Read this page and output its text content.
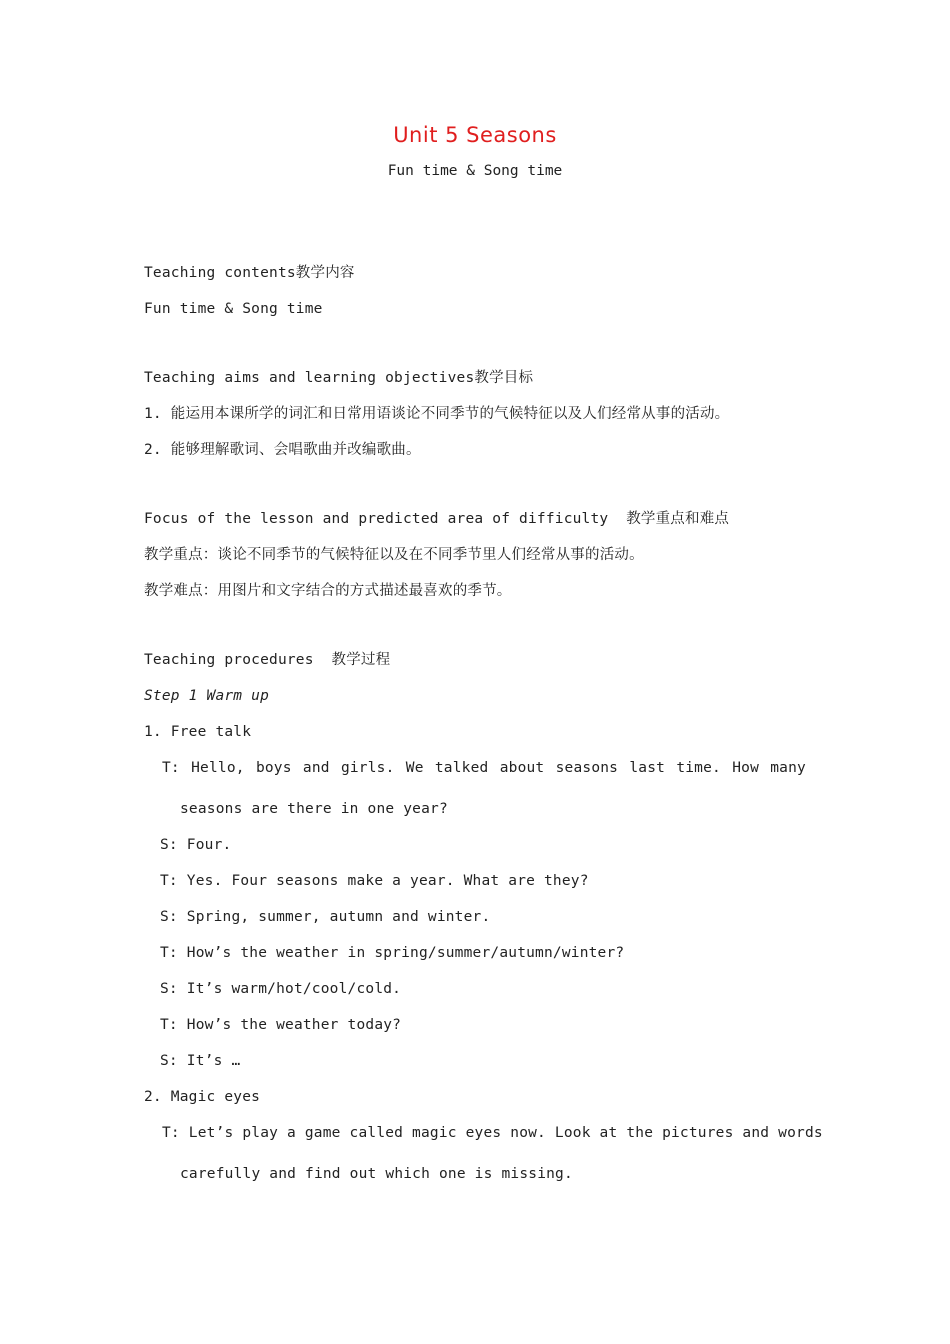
Unit 5 Seasons
Fun time & Song time
Teaching contents教学内容
Fun time & Song time
Teaching aims and learning objectives教学目标
1. 能运用本课所学的词汇和日常用语谈论不同季节的气候特征以及人们经常从事的活动。
2. 能够理解歌词、会唱歌曲并改编歌曲。
Focus of the lesson and predicted area of difficulty  教学重点和难点
教学重点：谈论不同季节的气候特征以及在不同季节里人们经常从事的活动。
教学难点：用图片和文字结合的方式描述最喜欢的季节。
Teaching procedures  教学过程
Step 1 Warm up
1. Free talk
T: Hello, boys and girls. We talked about seasons last time. How many
seasons are there in one year?
S: Four.
T: Yes. Four seasons make a year. What are they?
S: Spring, summer, autumn and winter.
T: How’s the weather in spring/summer/autumn/winter?
S: It’s warm/hot/cool/cold.
T: How’s the weather today?
S: It’s …
2. Magic eyes
T: Let’s play a game called magic eyes now. Look at the pictures and words
carefully and find out which one is missing.
